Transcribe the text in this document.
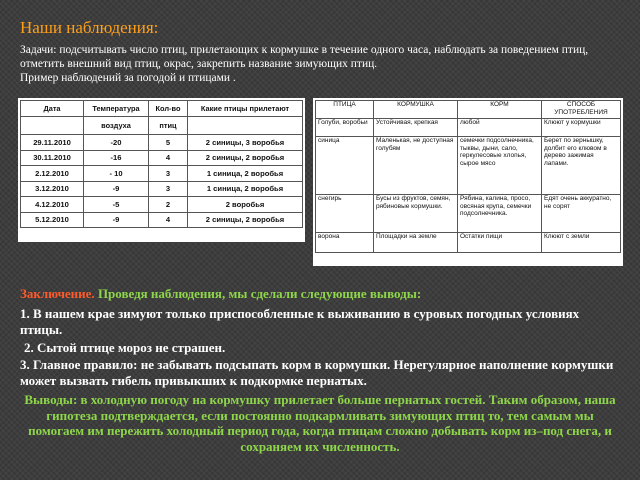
Наши наблюдения:
Задачи: подсчитывать число птиц, прилетающих к кормушке в течение одного часа, наблюдать за поведением птиц, отметить внешний вид птиц, окрас, закрепить название зимующих птиц.
Пример наблюдений за погодой и птицами .
Дата	Температура	Кол-во	Какие птицы прилетают
	воздуха	птиц	
29.11.2010	-20	5	2 синицы, 3 воробья
30.11.2010	-16	4	2 синицы, 2 воробья
2.12.2010	- 10	3	1 синица, 2 воробья
3.12.2010	-9	3	1 синица, 2 воробья
4.12.2010	-5	2	2 воробья
5.12.2010	-9	4	2 синицы, 2 воробья
ПТИЦА	КОРМУШКА	КОРМ	СПОСОБ УПОТРЕБЛЕНИЯ
Голуби, воробьи	Устойчивая, крепкая	любой	Клюют у кормушки
синица	Маленькая, не доступная голубям	семечки подсолнечника, тыквы, дыни, сало, геркулесовые хлопья, сырое мясо	Берет по зернышку, долбит его клювом в дерево зажимая лапами.
снегирь	Бусы из фруктов, семян, рябиновые кормушки.	Рябина, калина, просо, овсяная крупа, семечки подсолнечника.	Едят очень аккуратно, не сорят
ворона	Площадки на земле	Остатки пищи	Клюют с земли
Заключение. Проведя наблюдения, мы сделали следующие выводы:
1. В нашем крае зимуют только приспособленные к выживанию в суровых погодных условиях птицы.
2. Сытой птице мороз не страшен.
3. Главное правило: не забывать подсыпать корм в кормушки. Нерегулярное наполнение кормушки может вызвать гибель привыкших к подкормке пернатых.
Выводы: в холодную погоду на кормушку прилетает больше пернатых гостей. Таким образом, наша гипотеза подтверждается, если постоянно подкармливать зимующих птиц то, тем самым мы помогаем им пережить холодный период года, когда птицам сложно добывать корм из–под снега, и сохраняем их численность.
